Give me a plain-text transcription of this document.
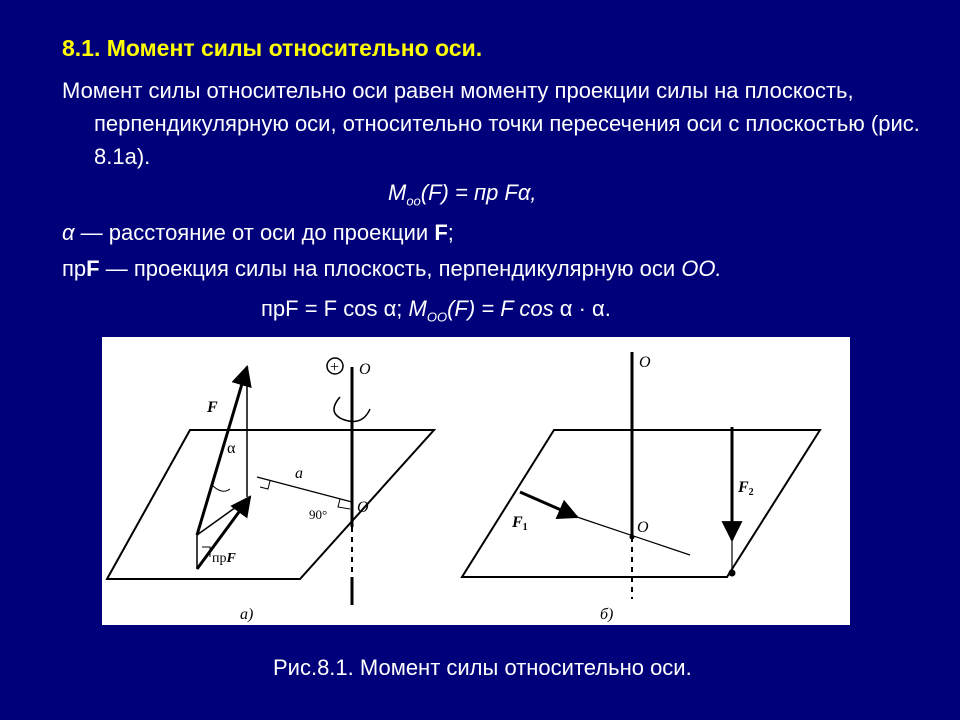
8.1. Момент силы относительно оси.
Момент силы относительно оси равен моменту проекции силы на плоскость, перпендикулярную оси, относительно точки пересечения оси с плоскостью (рис. 8.1а).
$M_{oo}(F)$ = пр Fα,
α — расстояние от оси до проекции F;
прF — проекция силы на плоскость, перпендикулярную оси OO.
прF = F cos α; $M_{OO}(F) = F$ cos α · α.
F
α
a
90°
O
O
+
прF
а)
O
O
F1
F2
б)
Рис.8.1. Момент силы относительно оси.
